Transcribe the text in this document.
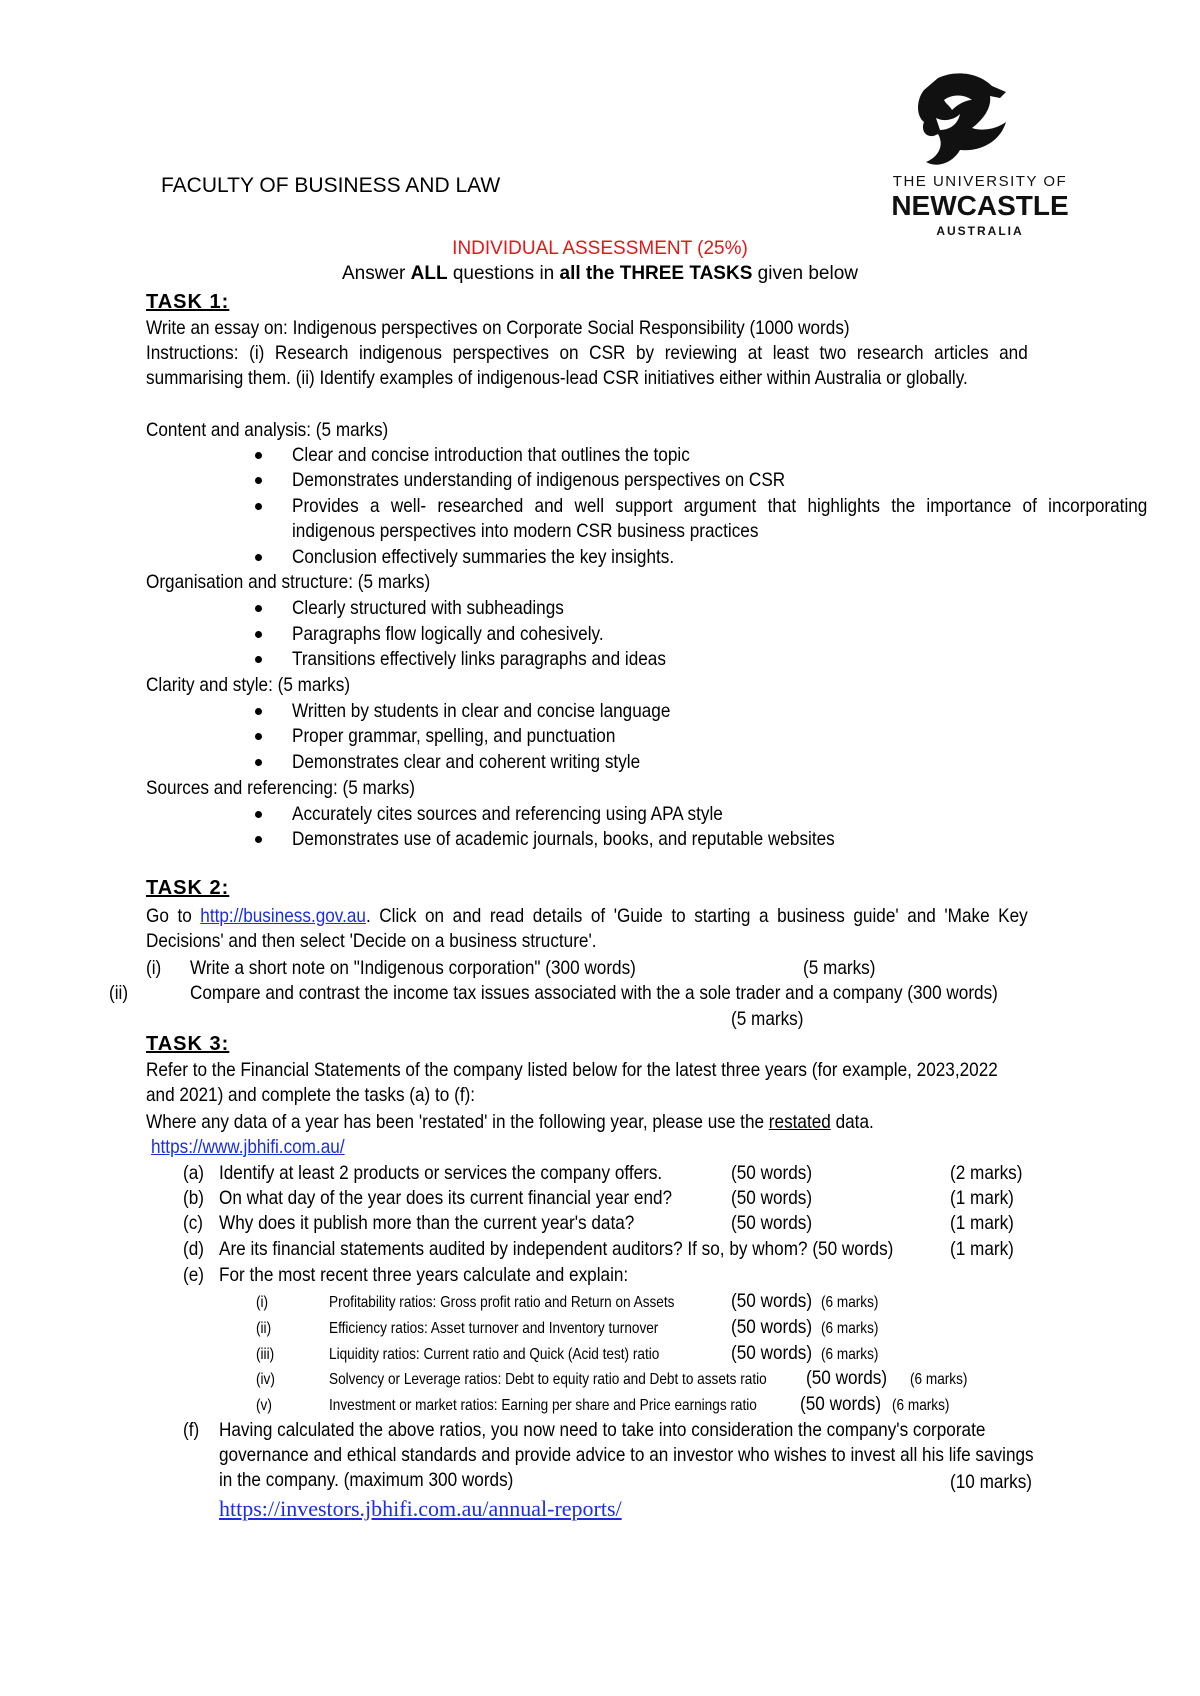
FACULTY OF BUSINESS AND LAW	THE UNIVERSITY OF
NEWCASTLE
AUSTRALIA
INDIVIDUAL ASSESSMENT (25%)
Answer ALL questions in all the THREE TASKS given below
TASK 1:
Write an essay on: Indigenous perspectives on Corporate Social Responsibility (1000 words)
Instructions: (i) Research indigenous perspectives on CSR by reviewing at least two research articles and summarising them. (ii) Identify examples of indigenous-lead CSR initiatives either within Australia or globally.
Content and analysis: (5 marks)
Clear and concise introduction that outlines the topic
Demonstrates understanding of indigenous perspectives on CSR
Provides a well- researched and well support argument that highlights the importance of incorporating indigenous perspectives into modern CSR business practices
Conclusion effectively summaries the key insights.
Organisation and structure: (5 marks)
Clearly structured with subheadings
Paragraphs flow logically and cohesively.
Transitions effectively links paragraphs and ideas
Clarity and style: (5 marks)
Written by students in clear and concise language
Proper grammar, spelling, and punctuation
Demonstrates clear and coherent writing style
Sources and referencing: (5 marks)
Accurately cites sources and referencing using APA style
Demonstrates use of academic journals, books, and reputable websites
TASK 2:
Go to http://business.gov.au. Click on and read details of 'Guide to starting a business guide' and 'Make Key Decisions' and then select 'Decide on a business structure'.
(i) Write a short note on "Indigenous corporation" (300 words)	(5 marks)
(ii)	Compare and contrast the income tax issues associated with the a sole trader and a company (300 words)
(5 marks)
TASK 3:
Refer to the Financial Statements of the company listed below for the latest three years (for example, 2023,2022 and 2021) and complete the tasks (a) to (f):
Where any data of a year has been 'restated' in the following year, please use the restated data.
https://www.jbhifi.com.au/
(a) Identify at least 2 products or services the company offers.	(50 words)	(2 marks)
(b) On what day of the year does its current financial year end?	(50 words)	(1 mark)
(c) Why does it publish more than the current year's data?	(50 words)	(1 mark)
(d) Are its financial statements audited by independent auditors? If so, by whom? (50 words)	(1 mark)
(e) For the most recent three years calculate and explain:
(i)	Profitability ratios: Gross profit ratio and Return on Assets	(50 words) (6 marks)
(ii)	Efficiency ratios: Asset turnover and Inventory turnover	(50 words) (6 marks)
(iii)	Liquidity ratios: Current ratio and Quick (Acid test) ratio	(50 words) (6 marks)
(iv)	Solvency or Leverage ratios: Debt to equity ratio and Debt to assets ratio (50 words) (6 marks)
(v)	Investment or market ratios: Earning per share and Price earnings ratio (50 words) (6 marks)
(f) Having calculated the above ratios, you now need to take into consideration the company's corporate governance and ethical standards and provide advice to an investor who wishes to invest all his life savings in the company. (maximum 300 words)	(10 marks)
https://investors.jbhifi.com.au/annual-reports/
